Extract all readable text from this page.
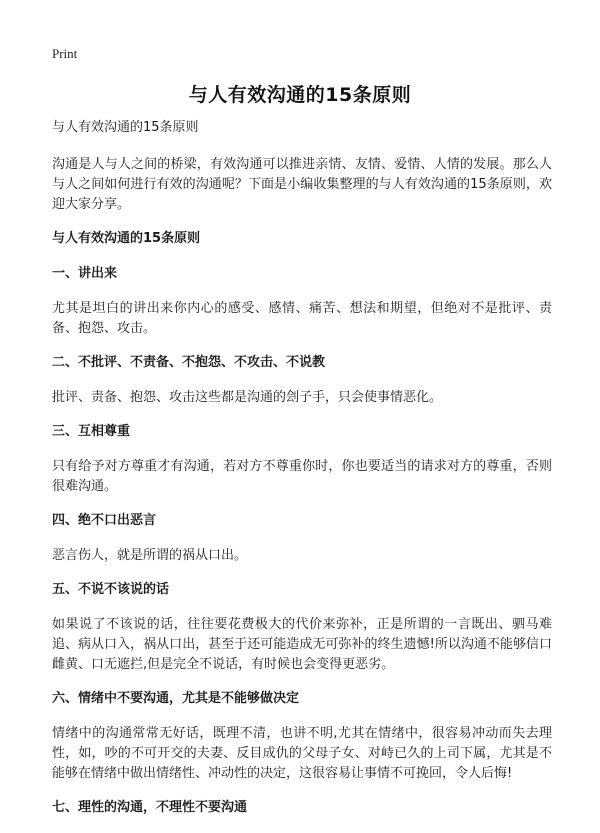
Print
与人有效沟通的15条原则
与人有效沟通的15条原则
沟通是人与人之间的桥梁，有效沟通可以推进亲情、友情、爱情、人情的发展。那么人与人之间如何进行有效的沟通呢？下面是小编收集整理的与人有效沟通的15条原则，欢迎大家分享。
与人有效沟通的15条原则
一、讲出来
尤其是坦白的讲出来你内心的感受、感情、痛苦、想法和期望，但绝对不是批评、责备、抱怨、攻击。
二、不批评、不责备、不抱怨、不攻击、不说教
批评、责备、抱怨、攻击这些都是沟通的刽子手，只会使事情恶化。
三、互相尊重
只有给予对方尊重才有沟通，若对方不尊重你时，你也要适当的请求对方的尊重，否则很难沟通。
四、绝不口出恶言
恶言伤人，就是所谓的祸从口出。
五、不说不该说的话
如果说了不该说的话，往往要花费极大的代价来弥补，正是所谓的一言既出、驷马难追、病从口入，祸从口出，甚至于还可能造成无可弥补的终生遗憾!所以沟通不能够信口雌黄、口无遮拦,但是完全不说话，有时候也会变得更恶劣。
六、情绪中不要沟通，尤其是不能够做决定
情绪中的沟通常常无好话，既理不清，也讲不明,尤其在情绪中，很容易冲动而失去理性，如，吵的不可开交的夫妻、反目成仇的父母子女、对峙已久的上司下属，尤其是不能够在情绪中做出情绪性、冲动性的决定，这很容易让事情不可挽回，令人后悔!
七、理性的沟通，不理性不要沟通
